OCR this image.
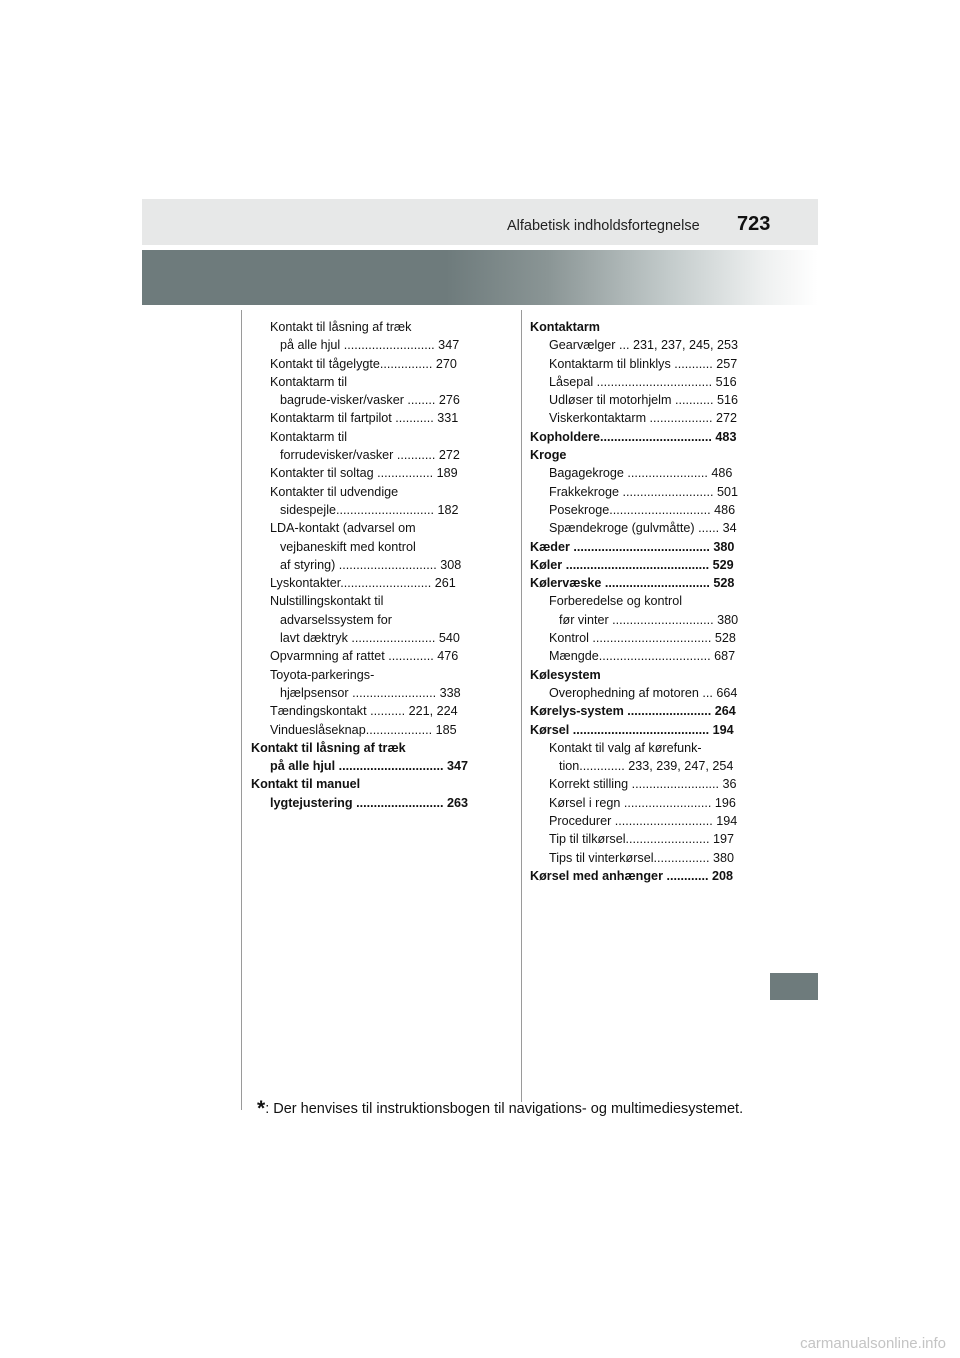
Alfabetisk indholdsfortegnelse 723
Kontakt til låsning af træk
på alle hjul .......................... 347
Kontakt til tågelygte............... 270
Kontaktarm til
bagrude-visker/vasker ........ 276
Kontaktarm til fartpilot ........... 331
Kontaktarm til
forrudevisker/vasker ........... 272
Kontakter til soltag ................ 189
Kontakter til udvendige
sidespejle............................ 182
LDA-kontakt (advarsel om
vejbaneskift med kontrol
af styring) ............................ 308
Lyskontakter.......................... 261
Nulstillingskontakt til
advarselssystem for
lavt dæktryk ........................ 540
Opvarmning af rattet ............. 476
Toyota-parkerings-
hjælpsensor ........................ 338
Tændingskontakt .......... 221, 224
Vindueslåseknap................... 185
Kontakt til låsning af træk
på alle hjul .............................. 347
Kontakt til manuel
lygtejustering ......................... 263
Kontaktarm
Gearvælger ... 231, 237, 245, 253
Kontaktarm til blinklys ........... 257
Låsepal ................................. 516
Udløser til motorhjelm ........... 516
Viskerkontaktarm .................. 272
Kopholdere................................ 483
Kroge
Bagagekroge ....................... 486
Frakkekroge .......................... 501
Posekroge............................. 486
Spændekroge (gulvmåtte) ...... 34
Kæder ....................................... 380
Køler ......................................... 529
Kølervæske .............................. 528
Forberedelse og kontrol
før vinter ............................. 380
Kontrol .................................. 528
Mængde................................ 687
Kølesystem
Overophedning af motoren ... 664
Kørelys-system ........................ 264
Kørsel ....................................... 194
Kontakt til valg af kørefunk-
tion............. 233, 239, 247, 254
Korrekt stilling ......................... 36
Kørsel i regn ......................... 196
Procedurer ............................ 194
Tip til tilkørsel........................ 197
Tips til vinterkørsel................ 380
Kørsel med anhænger ............ 208
*: Der henvises til instruktionsbogen til navigations- og multimediesystemet.
carmanualsonline.info
